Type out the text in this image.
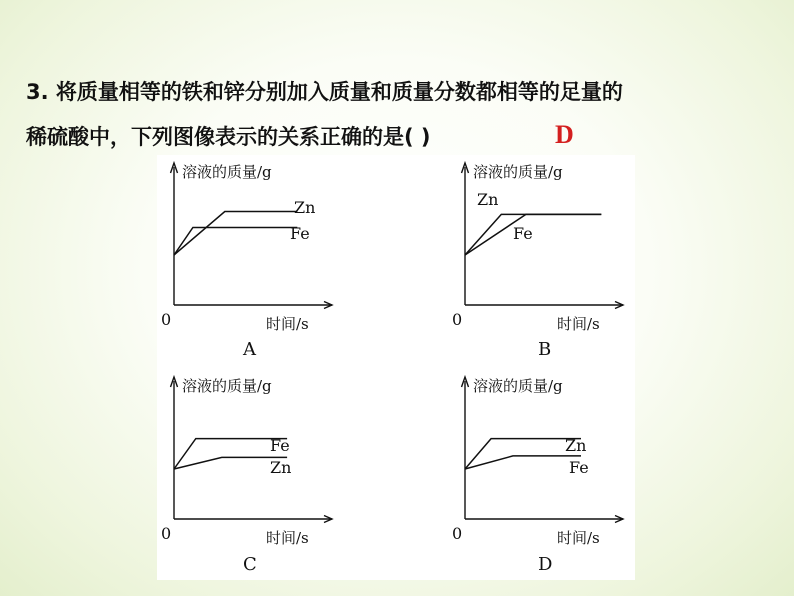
3. 将质量相等的铁和锌分别加入质量和质量分数都相等的足量的
稀硫酸中，下列图像表示的关系正确的是( )	D
溶液的质量/g
时间/s
0
A
Zn
Fe
溶液的质量/g
时间/s
0
B
Zn
Fe
溶液的质量/g
时间/s
0
C
Fe
Zn
溶液的质量/g
时间/s
0
D
Zn
Fe
